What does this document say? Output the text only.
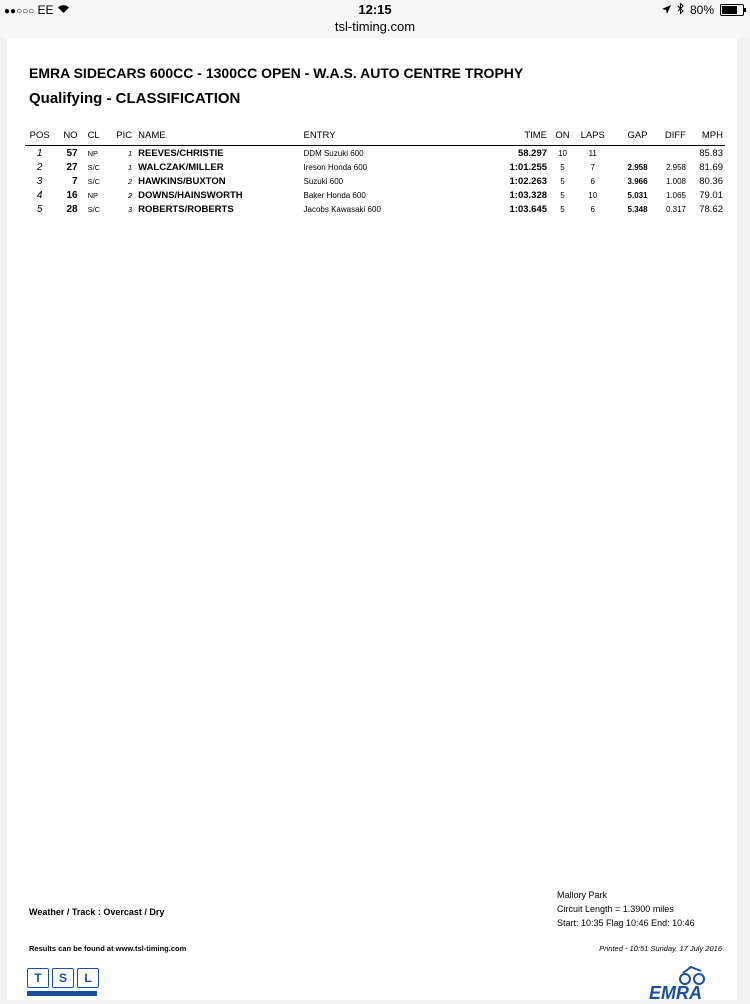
●●○○○ EE	12:15
tsl-timing.com
80%
EMRA SIDECARS 600CC - 1300CC OPEN - W.A.S. AUTO CENTRE TROPHY
Qualifying - CLASSIFICATION
POS	NO	CL	PIC	NAME	ENTRY	TIME	ON	LAPS	GAP	DIFF	MPH
1	57	NP	1	REEVES/CHRISTIE	DDM Suzuki 600	58.297	10	11			85.83
2	27	S/C	1	WALCZAK/MILLER	Ireson Honda 600	1:01.255	5	7	2.958	2.958	81.69
3	7	S/C	2	HAWKINS/BUXTON	Suzuki 600	1:02.263	5	6	3.966	1.008	80.36
4	16	NP	2	DOWNS/HAINSWORTH	Baker Honda 600	1:03.328	5	10	5.031	1.065	79.01
5	28	S/C	3	ROBERTS/ROBERTS	Jacobs Kawasaki 600	1:03.645	5	6	5.348	0.317	78.62
Weather / Track : Overcast / Dry
Mallory Park
Circuit Length = 1.3900 miles
Start: 10:35 Flag 10:46 End: 10:46
Results can be found at www.tsl-timing.com	Printed - 10:51 Sunday, 17 July 2016
T	S	L
EMRA
